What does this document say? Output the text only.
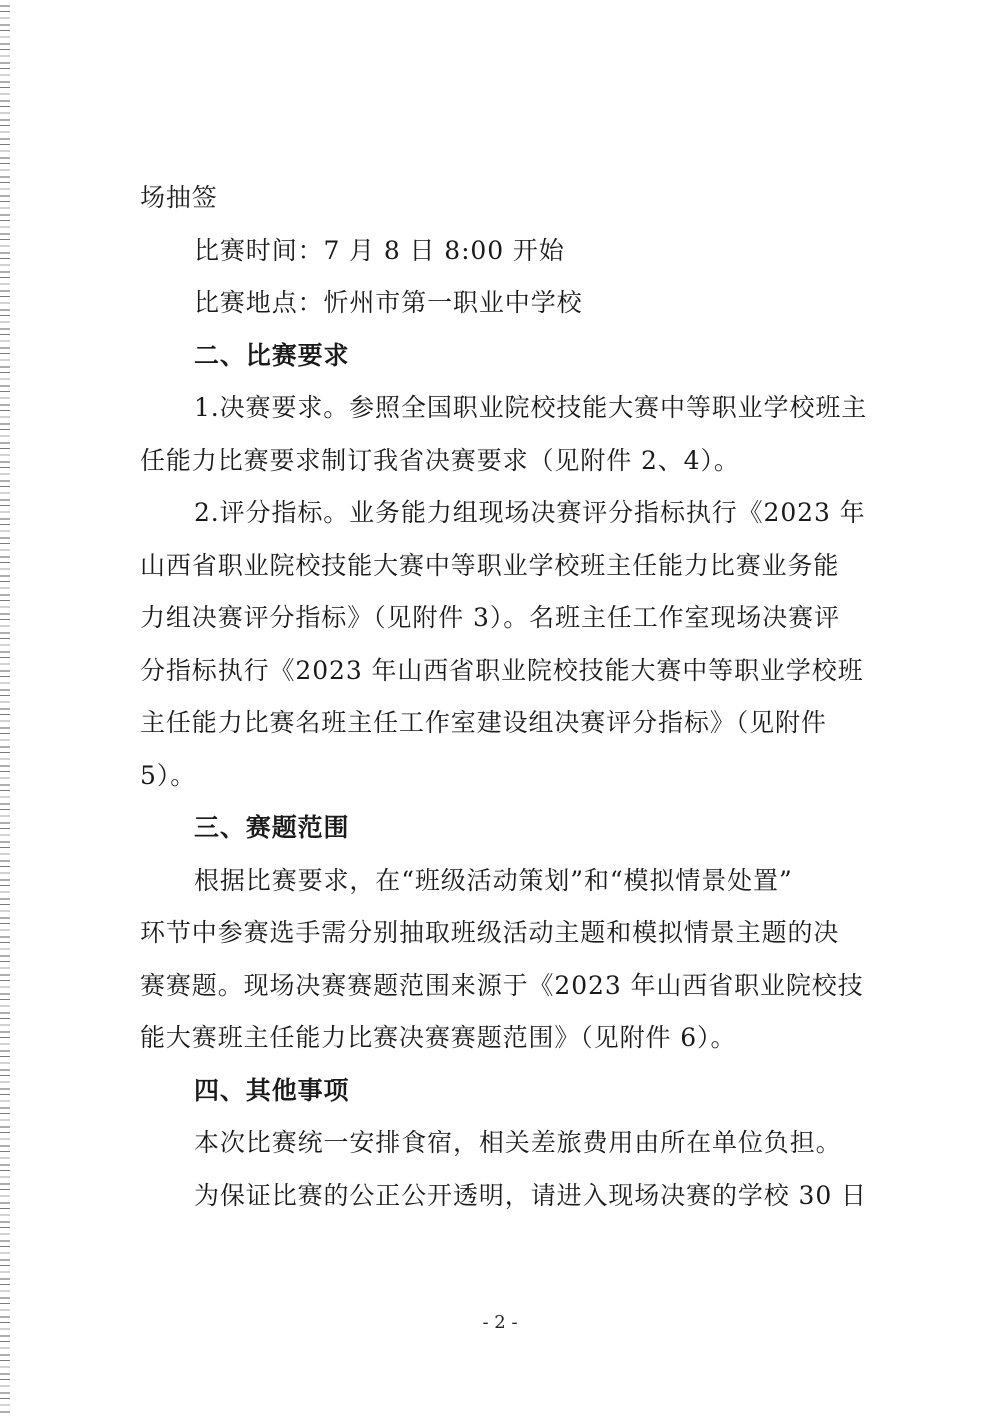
场抽签
比赛时间：7 月 8 日 8:00 开始
比赛地点：忻州市第一职业中学校
二、比赛要求
1.决赛要求。参照全国职业院校技能大赛中等职业学校班主
任能力比赛要求制订我省决赛要求（见附件 2、4）。
2.评分指标。业务能力组现场决赛评分指标执行《2023 年
山西省职业院校技能大赛中等职业学校班主任能力比赛业务能
力组决赛评分指标》（见附件 3）。名班主任工作室现场决赛评
分指标执行《2023 年山西省职业院校技能大赛中等职业学校班
主任能力比赛名班主任工作室建设组决赛评分指标》（见附件
5）。
三、赛题范围
根据比赛要求，在“班级活动策划”和“模拟情景处置”
环节中参赛选手需分别抽取班级活动主题和模拟情景主题的决
赛赛题。现场决赛赛题范围来源于《2023 年山西省职业院校技
能大赛班主任能力比赛决赛赛题范围》（见附件 6）。
四、其他事项
本次比赛统一安排食宿，相关差旅费用由所在单位负担。
为保证比赛的公正公开透明，请进入现场决赛的学校 30 日
- 2 -
